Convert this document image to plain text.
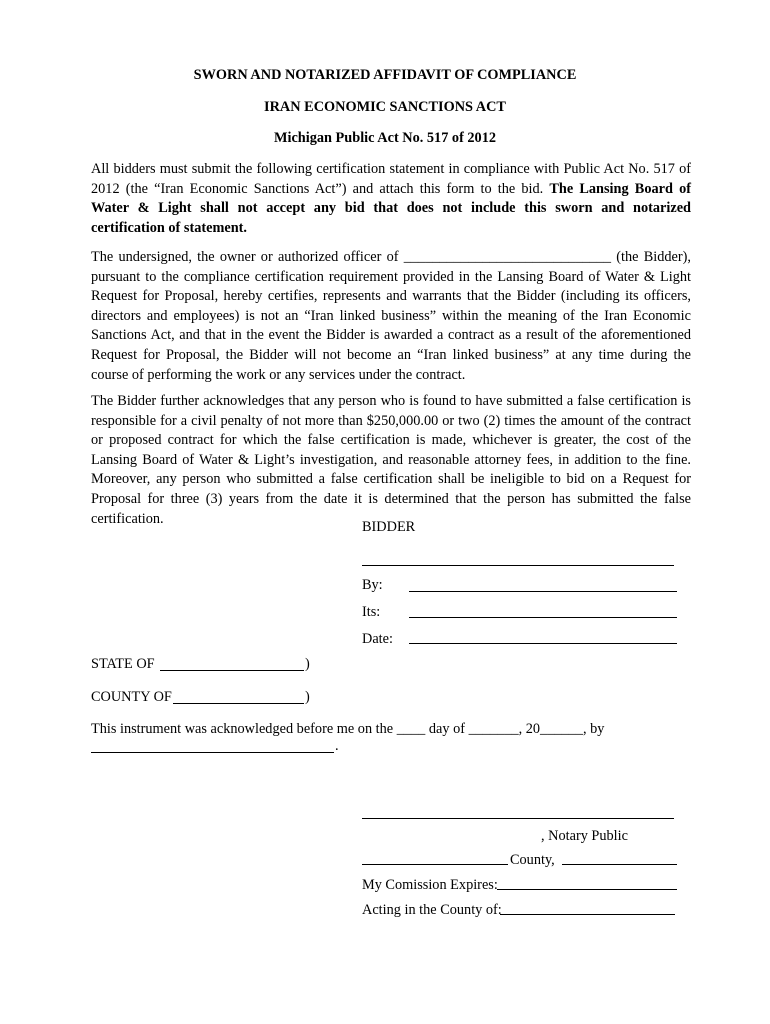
SWORN AND NOTARIZED AFFIDAVIT OF COMPLIANCE
IRAN ECONOMIC SANCTIONS ACT
Michigan Public Act No. 517 of 2012
All bidders must submit the following certification statement in compliance with Public Act No. 517 of 2012 (the “Iran Economic Sanctions Act”) and attach this form to the bid. The Lansing Board of Water & Light shall not accept any bid that does not include this sworn and notarized certification of statement.
The undersigned, the owner or authorized officer of _____________________________ (the Bidder), pursuant to the compliance certification requirement provided in the Lansing Board of Water & Light Request for Proposal, hereby certifies, represents and warrants that the Bidder (including its officers, directors and employees) is not an “Iran linked business” within the meaning of the Iran Economic Sanctions Act, and that in the event the Bidder is awarded a contract as a result of the aforementioned Request for Proposal, the Bidder will not become an “Iran linked business” at any time during the course of performing the work or any services under the contract.
The Bidder further acknowledges that any person who is found to have submitted a false certification is responsible for a civil penalty of not more than $250,000.00 or two (2) times the amount of the contract or proposed contract for which the false certification is made, whichever is greater, the cost of the Lansing Board of Water & Light’s investigation, and reasonable attorney fees, in addition to the fine. Moreover, any person who submitted a false certification shall be ineligible to bid on a Request for Proposal for three (3) years from the date it is determined that the person has submitted the false certification.
BIDDER
By:
Its:
Date:
STATE OF	)
COUNTY OF	)
This instrument was acknowledged before me on the ____ day of _______, 20______, by
.
, Notary Public
County,
My Comission Expires:
Acting in the County of:
